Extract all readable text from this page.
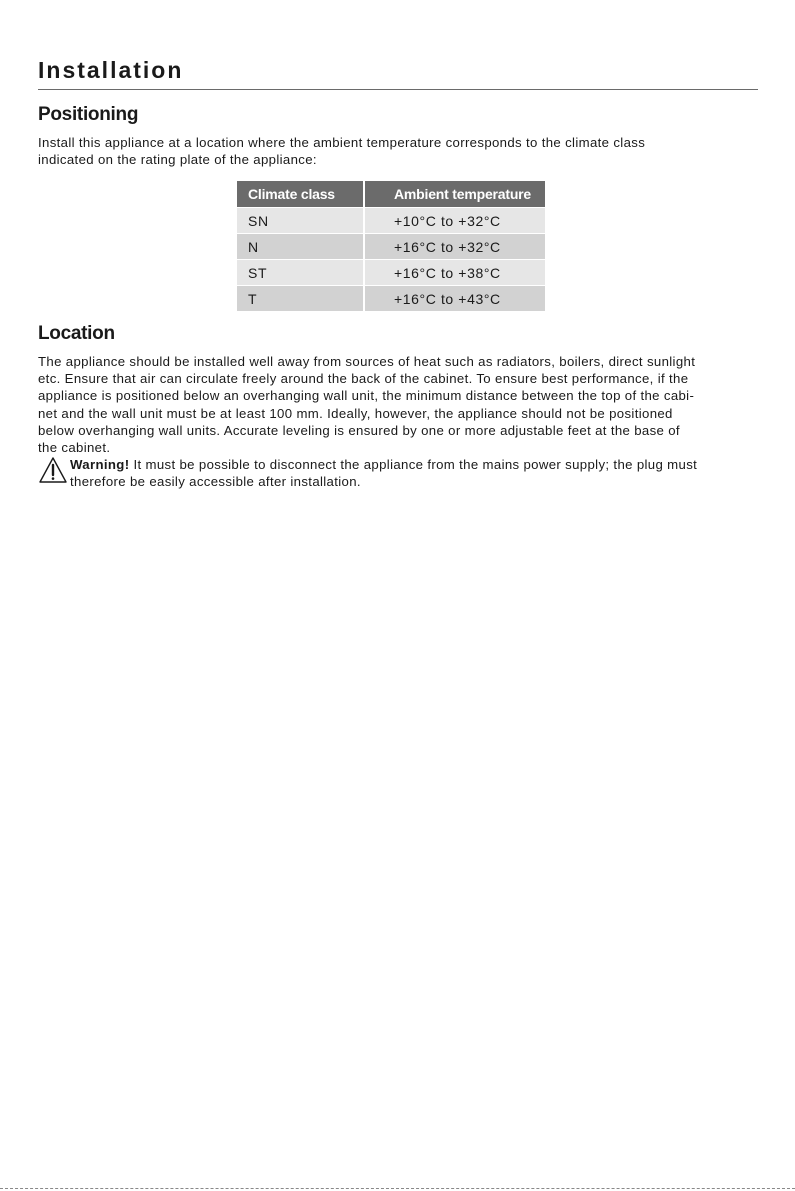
Installation
Positioning

Install this appliance at a location where the ambient temperature corresponds to the climate class
indicated on the rating plate of the appliance:

Climate class	Ambient temperature
SN	+10°C to +32°C
N	+16°C to +32°C
ST	+16°C to +38°C
T	+16°C to +43°C
Location

The appliance should be installed well away from sources of heat such as radiators, boilers, direct sunlight
etc. Ensure that air can circulate freely around the back of the cabinet. To ensure best performance, if the
appliance is positioned below an overhanging wall unit, the minimum distance between the top of the cabi-
net and the wall unit must be at least 100 mm. Ideally, however, the appliance should not be positioned
below overhanging wall units. Accurate leveling is ensured by one or more adjustable feet at the base of
the cabinet.

Warning! It must be possible to disconnect the appliance from the mains power supply; the plug must
therefore be easily accessible after installation.
